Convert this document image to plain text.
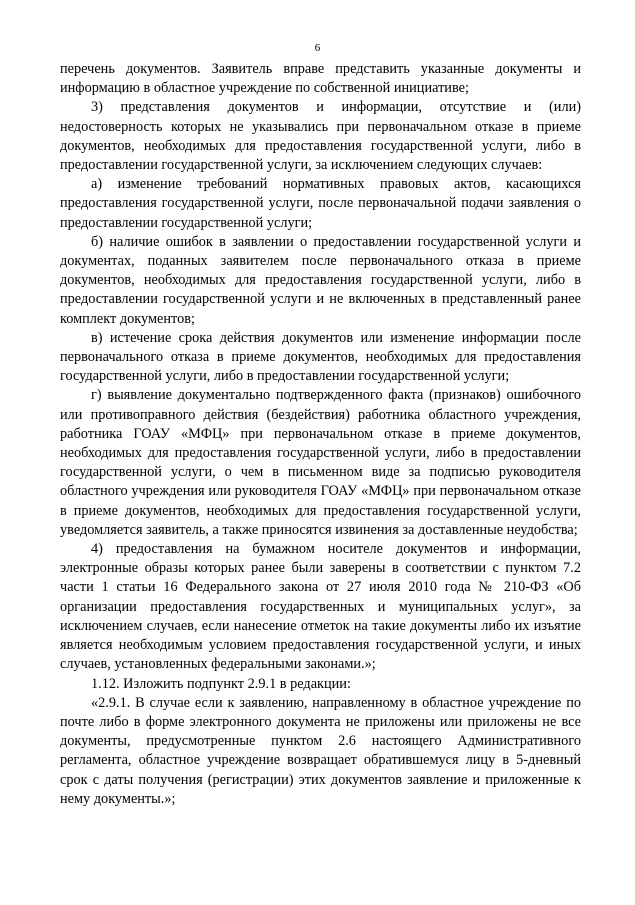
6

перечень документов. Заявитель вправе представить указанные документы и информацию в областное учреждение по собственной инициативе;

3) представления документов и информации, отсутствие и (или) недостоверность которых не указывались при первоначальном отказе в приеме документов, необходимых для предоставления государственной услуги, либо в предоставлении государственной услуги, за исключением следующих случаев:

а) изменение требований нормативных правовых актов, касающихся предоставления государственной услуги, после первоначальной подачи заявления о предоставлении государственной услуги;

б) наличие ошибок в заявлении о предоставлении государственной услуги и документах, поданных заявителем после первоначального отказа в приеме документов, необходимых для предоставления государственной услуги, либо в предоставлении государственной услуги и не включенных в представленный ранее комплект документов;

в) истечение срока действия документов или изменение информации после первоначального отказа в приеме документов, необходимых для предоставления государственной услуги, либо в предоставлении государственной услуги;

г) выявление документально подтвержденного факта (признаков) ошибочного или противоправного действия (бездействия) работника областного учреждения, работника ГОАУ «МФЦ» при первоначальном отказе в приеме документов, необходимых для предоставления государственной услуги, либо в предоставлении государственной услуги, о чем в письменном виде за подписью руководителя областного учреждения или руководителя ГОАУ «МФЦ» при первоначальном отказе в приеме документов, необходимых для предоставления государственной услуги, уведомляется заявитель, а также приносятся извинения за доставленные неудобства;

4) предоставления на бумажном носителе документов и информации, электронные образы которых ранее были заверены в соответствии с пунктом 7.2 части 1 статьи 16 Федерального закона от 27 июля 2010 года № 210-ФЗ «Об организации предоставления государственных и муниципальных услуг», за исключением случаев, если нанесение отметок на такие документы либо их изъятие является необходимым условием предоставления государственной услуги, и иных случаев, установленных федеральными законами.»;

1.12. Изложить подпункт 2.9.1 в редакции:

«2.9.1. В случае если к заявлению, направленному в областное учреждение по почте либо в форме электронного документа не приложены или приложены не все документы, предусмотренные пунктом 2.6 настоящего Административного регламента, областное учреждение возвращает обратившемуся лицу в 5-дневный срок с даты получения (регистрации) этих документов заявление и приложенные к нему документы.»;
